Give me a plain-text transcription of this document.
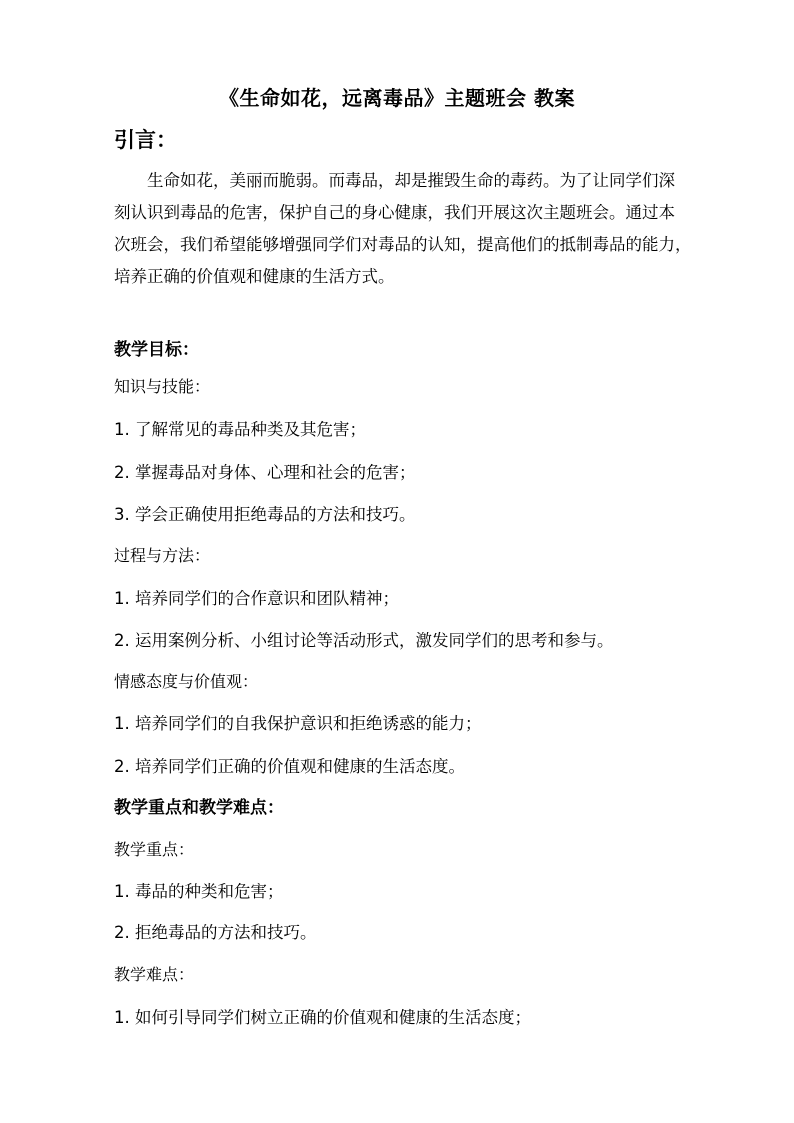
《生命如花，远离毒品》主题班会 教案
引言：
生命如花，美丽而脆弱。而毒品，却是摧毁生命的毒药。为了让同学们深
刻认识到毒品的危害，保护自己的身心健康，我们开展这次主题班会。通过本
次班会，我们希望能够增强同学们对毒品的认知，提高他们的抵制毒品的能力，
培养正确的价值观和健康的生活方式。
教学目标：
知识与技能：
1. 了解常见的毒品种类及其危害；
2. 掌握毒品对身体、心理和社会的危害；
3. 学会正确使用拒绝毒品的方法和技巧。
过程与方法：
1. 培养同学们的合作意识和团队精神；
2. 运用案例分析、小组讨论等活动形式，激发同学们的思考和参与。
情感态度与价值观：
1. 培养同学们的自我保护意识和拒绝诱惑的能力；
2. 培养同学们正确的价值观和健康的生活态度。
教学重点和教学难点：
教学重点：
1. 毒品的种类和危害；
2. 拒绝毒品的方法和技巧。
教学难点：
1. 如何引导同学们树立正确的价值观和健康的生活态度；
